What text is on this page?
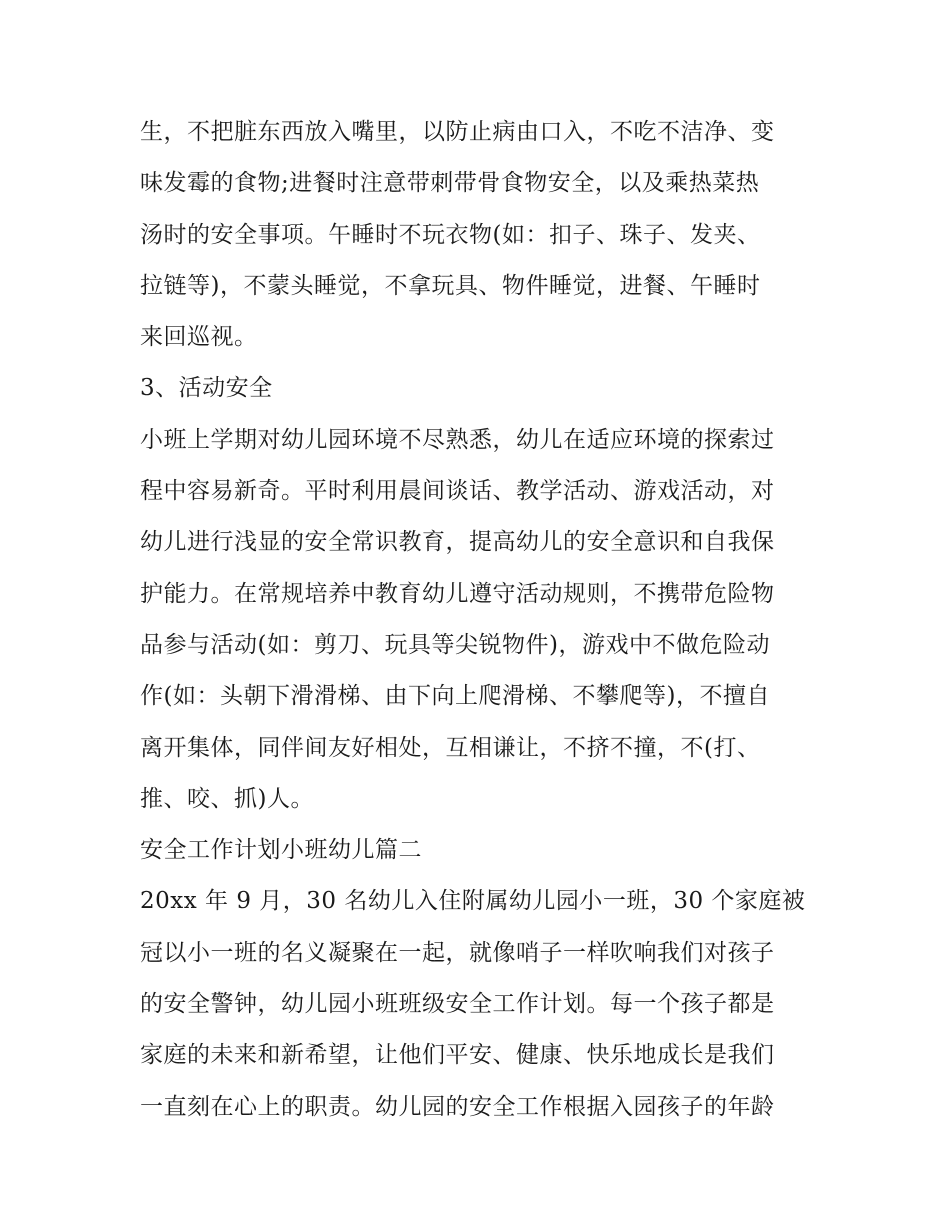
生，不把脏东西放入嘴里，以防止病由口入，不吃不洁净、变
味发霉的食物;进餐时注意带刺带骨食物安全，以及乘热菜热
汤时的安全事项。午睡时不玩衣物(如：扣子、珠子、发夹、
拉链等)，不蒙头睡觉，不拿玩具、物件睡觉，进餐、午睡时
来回巡视。
3、活动安全
小班上学期对幼儿园环境不尽熟悉，幼儿在适应环境的探索过
程中容易新奇。平时利用晨间谈话、教学活动、游戏活动，对
幼儿进行浅显的安全常识教育，提高幼儿的安全意识和自我保
护能力。在常规培养中教育幼儿遵守活动规则，不携带危险物
品参与活动(如：剪刀、玩具等尖锐物件)，游戏中不做危险动
作(如：头朝下滑滑梯、由下向上爬滑梯、不攀爬等)，不擅自
离开集体，同伴间友好相处，互相谦让，不挤不撞，不(打、
推、咬、抓)人。
安全工作计划小班幼儿篇二
20xx 年 9 月，30 名幼儿入住附属幼儿园小一班，30 个家庭被
冠以小一班的名义凝聚在一起，就像哨子一样吹响我们对孩子
的安全警钟，幼儿园小班班级安全工作计划。每一个孩子都是
家庭的未来和新希望，让他们平安、健康、快乐地成长是我们
一直刻在心上的职责。幼儿园的安全工作根据入园孩子的年龄
